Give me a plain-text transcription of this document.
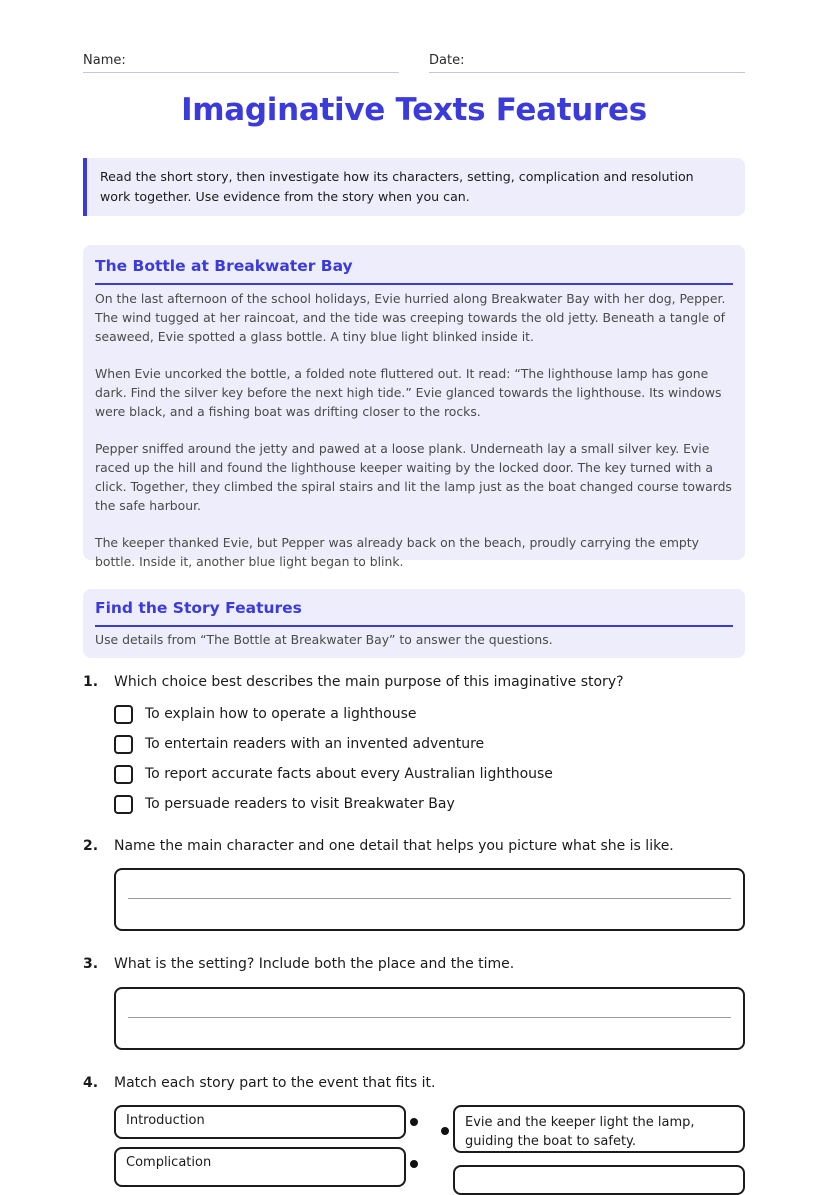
Name:	Date:
Imaginative Texts Features
Read the short story, then investigate how its characters, setting, complication and resolution work together. Use evidence from the story when you can.
The Bottle at Breakwater Bay

On the last afternoon of the school holidays, Evie hurried along Breakwater Bay with her dog, Pepper. The wind tugged at her raincoat, and the tide was creeping towards the old jetty. Beneath a tangle of seaweed, Evie spotted a glass bottle. A tiny blue light blinked inside it.

When Evie uncorked the bottle, a folded note fluttered out. It read: “The lighthouse lamp has gone dark. Find the silver key before the next high tide.” Evie glanced towards the lighthouse. Its windows were black, and a fishing boat was drifting closer to the rocks.

Pepper sniffed around the jetty and pawed at a loose plank. Underneath lay a small silver key. Evie raced up the hill and found the lighthouse keeper waiting by the locked door. The key turned with a click. Together, they climbed the spiral stairs and lit the lamp just as the boat changed course towards the safe harbour.

The keeper thanked Evie, but Pepper was already back on the beach, proudly carrying the empty bottle. Inside it, another blue light began to blink.

Find the Story Features
Use details from “The Bottle at Breakwater Bay” to answer the questions.
1. Which choice best describes the main purpose of this imaginative story?
To explain how to operate a lighthouse
To entertain readers with an invented adventure
To report accurate facts about every Australian lighthouse
To persuade readers to visit Breakwater Bay
2. Name the main character and one detail that helps you picture what she is like.
3. What is the setting? Include both the place and the time.
4. Match each story part to the event that fits it.
Introduction	Evie and the keeper light the lamp, guiding the boat to safety.
Complication
